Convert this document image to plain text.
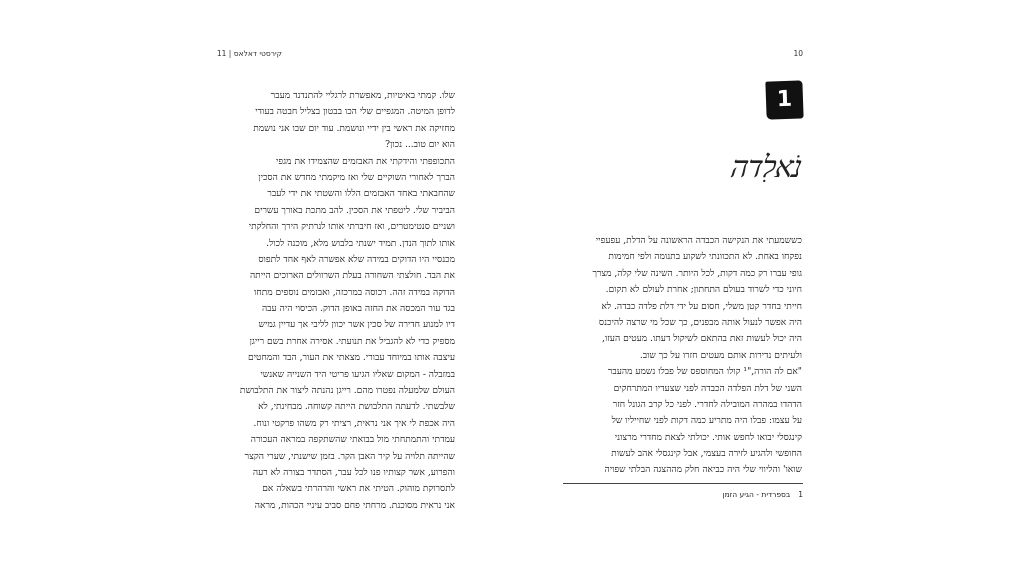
קירסטי דאלאס | 11
שלו. קמתי באיטיות, מאפשרת לרגליי להתנדנד מעבר
לדופן המיטה. המגפיים שלי הכו בבטון בצליל חבטה בעודי
מחזיקה את ראשי בין ידיי ונושמת. עוד יום שבו אני נושמת
הוא יום טוב... נכון?
התכופפתי והידקתי את האבזמים שהצמידו את מגפי
הברך לאחורי השוקיים שלי ואז מיקמתי מחדש את הסכין
שהחבאתי באחד האבזמים הללו והשטתי את ידי לעבר
הביביר שלי. ליטפתי את הסכין. להב מתכת באורך עשרים
ושניים סנטימטרים, ואז חיברתי אותו לנרתיק הירך והחלקתי
אותו לתוך הנדן. תמיד ישנתי בלבוש מלא, מוכנה לכול.
מכנסיי היו הדוקים במידה שלא אפשרה לאף אחד לתפוס
את הבד. חולצתי השחורה בעלת השרוולים הארוכים הייתה
הדוקה במידה זהה. רכוסה במרכזה, ואבזמים נוספים מתחו
בגד עור המכסה את החזה באופן הדוק. הכיסוי היה עבה
דיו למנוע חדירה של סכין אשר יכוון לליבי אך עדיין גמיש
מספיק כדי לא להגביל את תנועתי. אסירה אחרת בשם רייגן
עיצבה אותו במיוחד עבורי. מצאתי את העור, הבד והמחטים
במזבלה - המקום שאליו הגיעו פריטי היד השנייה שאנשי
העולם שלמעלה נפטרו מהם. רייגן נהנתה ליצור את התלבושת
שלבשתי. לדעתה התלבושת הייתה קשוחה. מבחינתי, לא
היה אכפת לי איך אני נראית, רציתי רק משהו פרקטי ונוח.
עמדתי והתמתחתי מול בבואתי שהשתקפה במראה העכורה
שהייתה תלויה על קיר האבן הקר. בזמן שישנתי, שערי הקצר
והפרוע, אשר קצותיו פנו לכל עבר, הסתדר בצורה לא רעה
לתסרוקת מוהוק. הטיתי את ראשי והרהרתי בשאלה אם
אני נראית מסוכנת. מרחתי פחם סביב עיניי הכהות, מראה
10
1
נֹאלִדה
כששמעתי את הנקישה הכבדה הראשונה על הדלת, עפעפיי
נפקחו באחת. לא התכוונתי לשקוע בתנומה ולפי חמימות
גופי עברו רק כמה דקות, לכל היותר. השינה שלי קלה, מצרך
חיוני כדי לשרוד בעולם התחתון; אחרת לעולם לא תקום.
חייתי בחדר קטן משלי, חסום על ידי דלת פלדה כבדה. לא
היה אפשר לנעול אותה מבפנים, כך שכל מי שרצה להיכנס
היה יכול לעשות זאת בהתאם לשיקול דעתו. מעטים העזו,
ולעיתים נדירות אותם מעטים חזרו על כך שוב.
"אם לה הורה,"¹ קולו המחוספס של פבלו נשמע מהעבר
השני של דלת הפלדה הכבדה לפני שצעדיו המתרחקים
הדהדו במהרה המובילה לחדרי. לפני כל קרב הגונל חזר
על עצמו: פבלו היה מתריע כמה דקות לפני שחייליו של
קינגסלי יבואו לחפש אותי. יכולתי לצאת מחדרי מרצוני
החופשי ולהגיע לזירה בעצמי, אבל קינגסלי אהב לעשות
שואו' והליווי שלי היה כביאה חלק מההצגה הבלתי שפויה
1בספרדית - הגיע הזמן
